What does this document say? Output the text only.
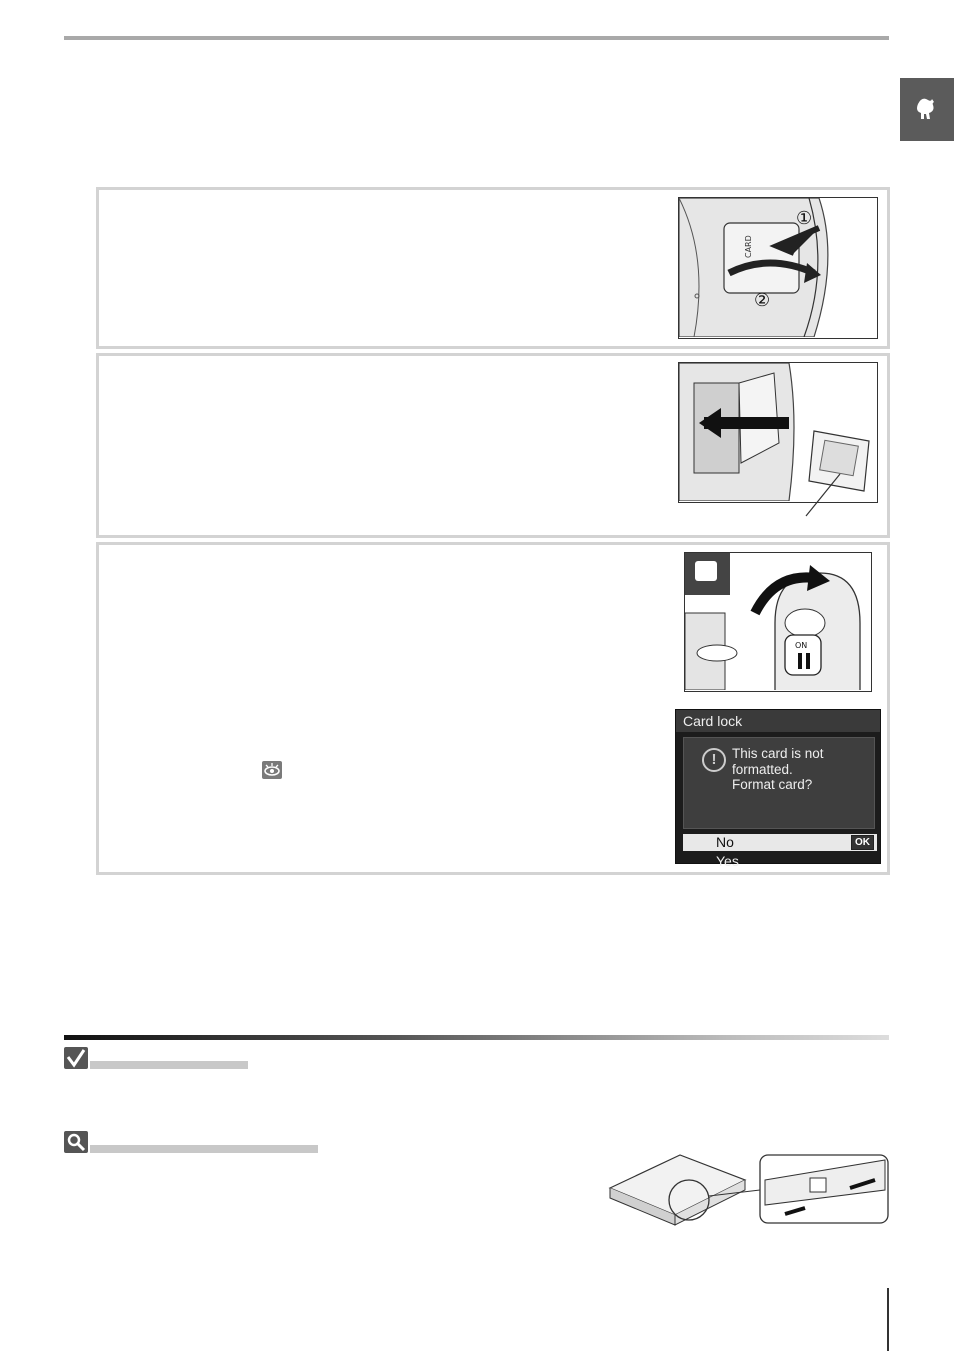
CARD
①
②
ON
Card lock
!	This card is not
formatted.
Format card?
No	OK
Yes
